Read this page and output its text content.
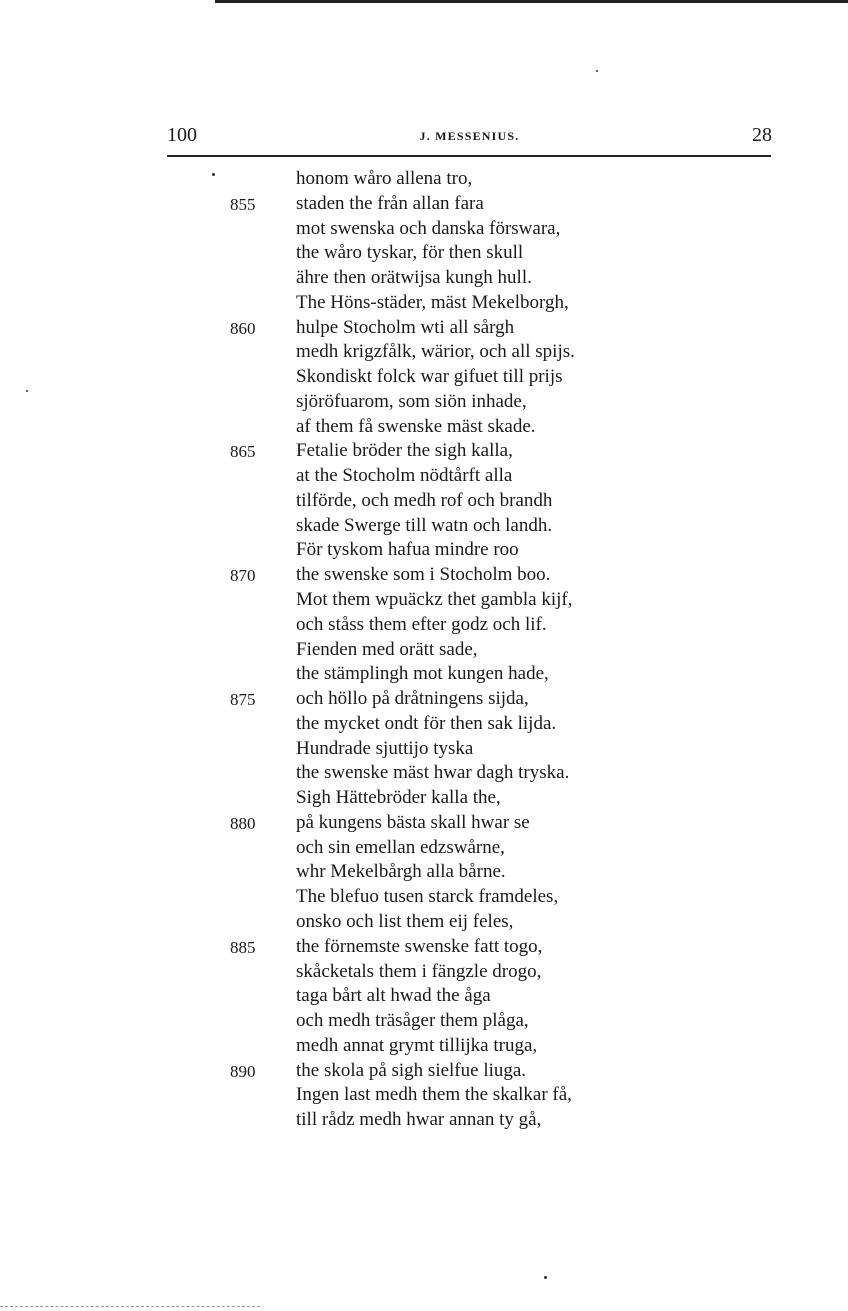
100	J. MESSENIUS.	28
honom wåro allena tro,
855	staden the från allan fara
mot swenska och danska förswara,
the wåro tyskar, för then skull
ähre then orätwijsa kungh hull.
The Höns-städer, mäst Mekelborgh,
860	hulpe Stocholm wti all sårgh
medh krigzfålk, wärior, och all spijs.
Skondiskt folck war gifuet till prijs
sjöröfuarom, som siön inhade,
af them få swenske mäst skade.
865	Fetalie bröder the sigh kalla,
at the Stocholm nödtårft alla
tilförde, och medh rof och brandh
skade Swerge till watn och landh.
För tyskom hafua mindre roo
870	the swenske som i Stocholm boo.
Mot them wpuäckz thet gambla kijf,
och ståss them efter godz och lif.
Fienden med orätt sade,
the stämplingh mot kungen hade,
875	och höllo på dråtningens sijda,
the mycket ondt för then sak lijda.
Hundrade sjuttijo tyska
the swenske mäst hwar dagh tryska.
Sigh Hättebröder kalla the,
880	på kungens bästa skall hwar se
och sin emellan edzswårne,
whr Mekelbårgh alla bårne.
The blefuo tusen starck framdeles,
onsko och list them eij feles,
885	the förnemste swenske fatt togo,
skåcketals them i fängzle drogo,
taga bårt alt hwad the åga
och medh träsåger them plåga,
medh annat grymt tillijka truga,
890	the skola på sigh sielfue liuga.
Ingen last medh them the skalkar få,
till rådz medh hwar annan ty gå,
